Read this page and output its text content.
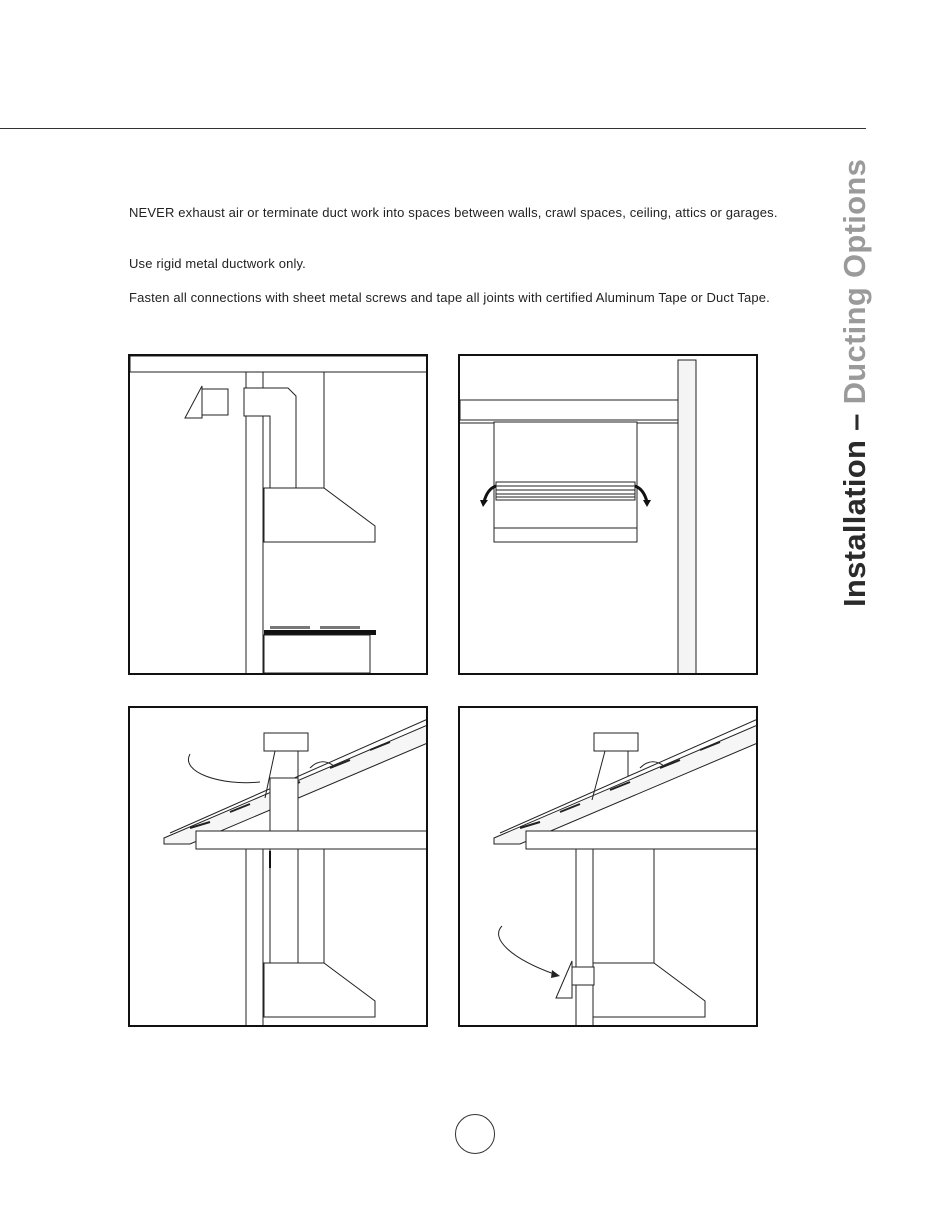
Installation – Ducting Options
NEVER exhaust air or terminate duct work into spaces between walls, crawl spaces, ceiling, attics or garages.
Use rigid metal ductwork only.
Fasten all connections with sheet metal screws and tape all joints with certified Aluminum Tape or Duct Tape.
